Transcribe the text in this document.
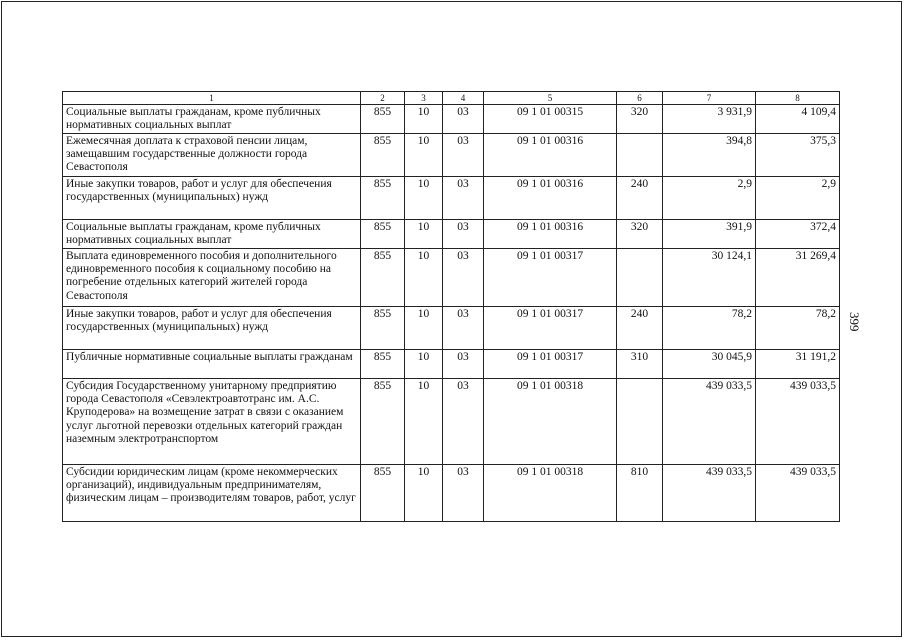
1	2	3	4	5	6	7	8
Социальные выплаты гражданам, кроме публичных нормативных социальных выплат	855	10	03	09 1 01 00315	320	3 931,9	4 109,4
Ежемесячная доплата к страховой пенсии лицам, замещавшим государственные должности города Севастополя	855	10	03	09 1 01 00316		394,8	375,3
Иные закупки товаров, работ и услуг для обеспечения государственных (муниципальных) нужд	855	10	03	09 1 01 00316	240	2,9	2,9
Социальные выплаты гражданам, кроме публичных нормативных социальных выплат	855	10	03	09 1 01 00316	320	391,9	372,4
Выплата единовременного пособия и дополнительного единовременного пособия к социальному пособию на погребение отдельных категорий жителей города Севастополя	855	10	03	09 1 01 00317		30 124,1	31 269,4
Иные закупки товаров, работ и услуг для обеспечения государственных (муниципальных) нужд	855	10	03	09 1 01 00317	240	78,2	78,2
Публичные нормативные социальные выплаты гражданам	855	10	03	09 1 01 00317	310	30 045,9	31 191,2
Субсидия Государственному унитарному предприятию города Севастополя «Севэлектроавтотранс им. А.С. Круподерова» на возмещение затрат в связи с оказанием услуг льготной перевозки отдельных категорий граждан наземным электротранспортом	855	10	03	09 1 01 00318		439 033,5	439 033,5
Субсидии юридическим лицам (кроме некоммерческих организаций), индивидуальным предпринимателям, физическим лицам – производителям товаров, работ, услуг	855	10	03	09 1 01 00318	810	439 033,5	439 033,5
399
